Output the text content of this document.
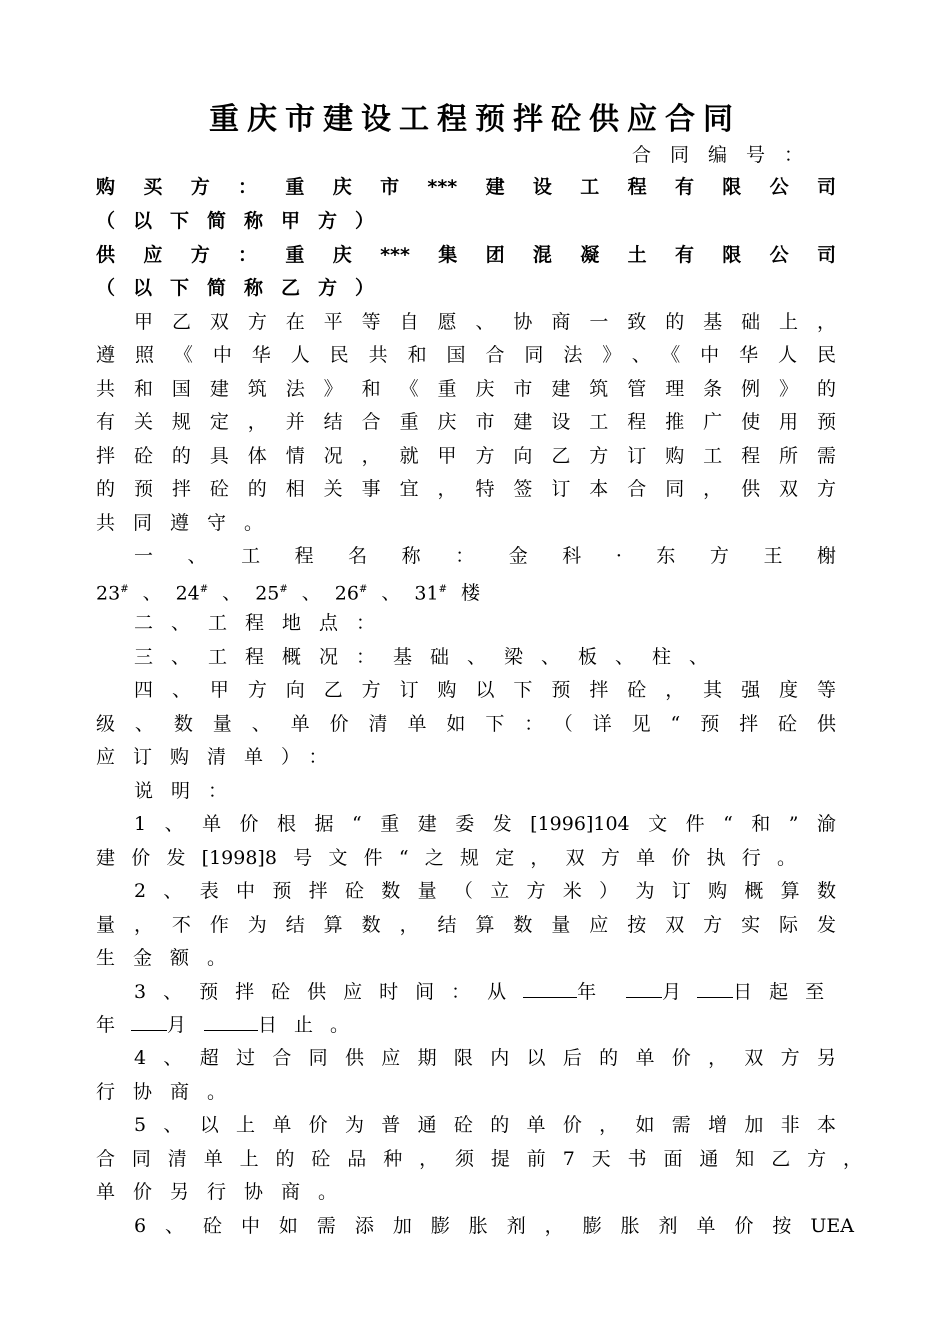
重庆市建设工程预拌砼供应合同
合同编号：
购买方：重庆市***建设工程有限公司
（以下简称甲方）
供应方：重庆***集团混凝土有限公司
（以下简称乙方）
甲乙双方在平等自愿、协商一致的基础上，
遵照《中华人民共和国合同法》、《中华人民
共和国建筑法》和《重庆市建筑管理条例》的
有关规定，并结合重庆市建设工程推广使用预
拌砼的具体情况，就甲方向乙方订购工程所需
的预拌砼的相关事宜，特签订本合同，供双方
共同遵守。
一、工程名称：金科·东方王榭
23# 、 24# 、 25# 、 26# 、 31# 楼
二、工程地点：
三、工程概况：基础、梁、板、柱、
四、甲方向乙方订购以下预拌砼，其强度等
级、数量、单价清单如下：（详见“预拌砼供
应订购清单）：
说明：
1、单价根据“重建委发[1996]104文件“和”渝
建价发[1998]8号文件“之规定，双方单价执行。
2、表中预拌砼数量（立方米）为订购概算数
量，不作为结算数，结算数量应按双方实际发
生金额。
3、预拌砼供应时间：从	年	月	日起至
年	月	日止。
4、超过合同供应期限内以后的单价，双方另
行协商。
5、以上单价为普通砼的单价，如需增加非本
合同清单上的砼品种，须提前7天书面通知乙方，
单价另行协商。
6、砼中如需添加膨胀剂，膨胀剂单价按UEA
